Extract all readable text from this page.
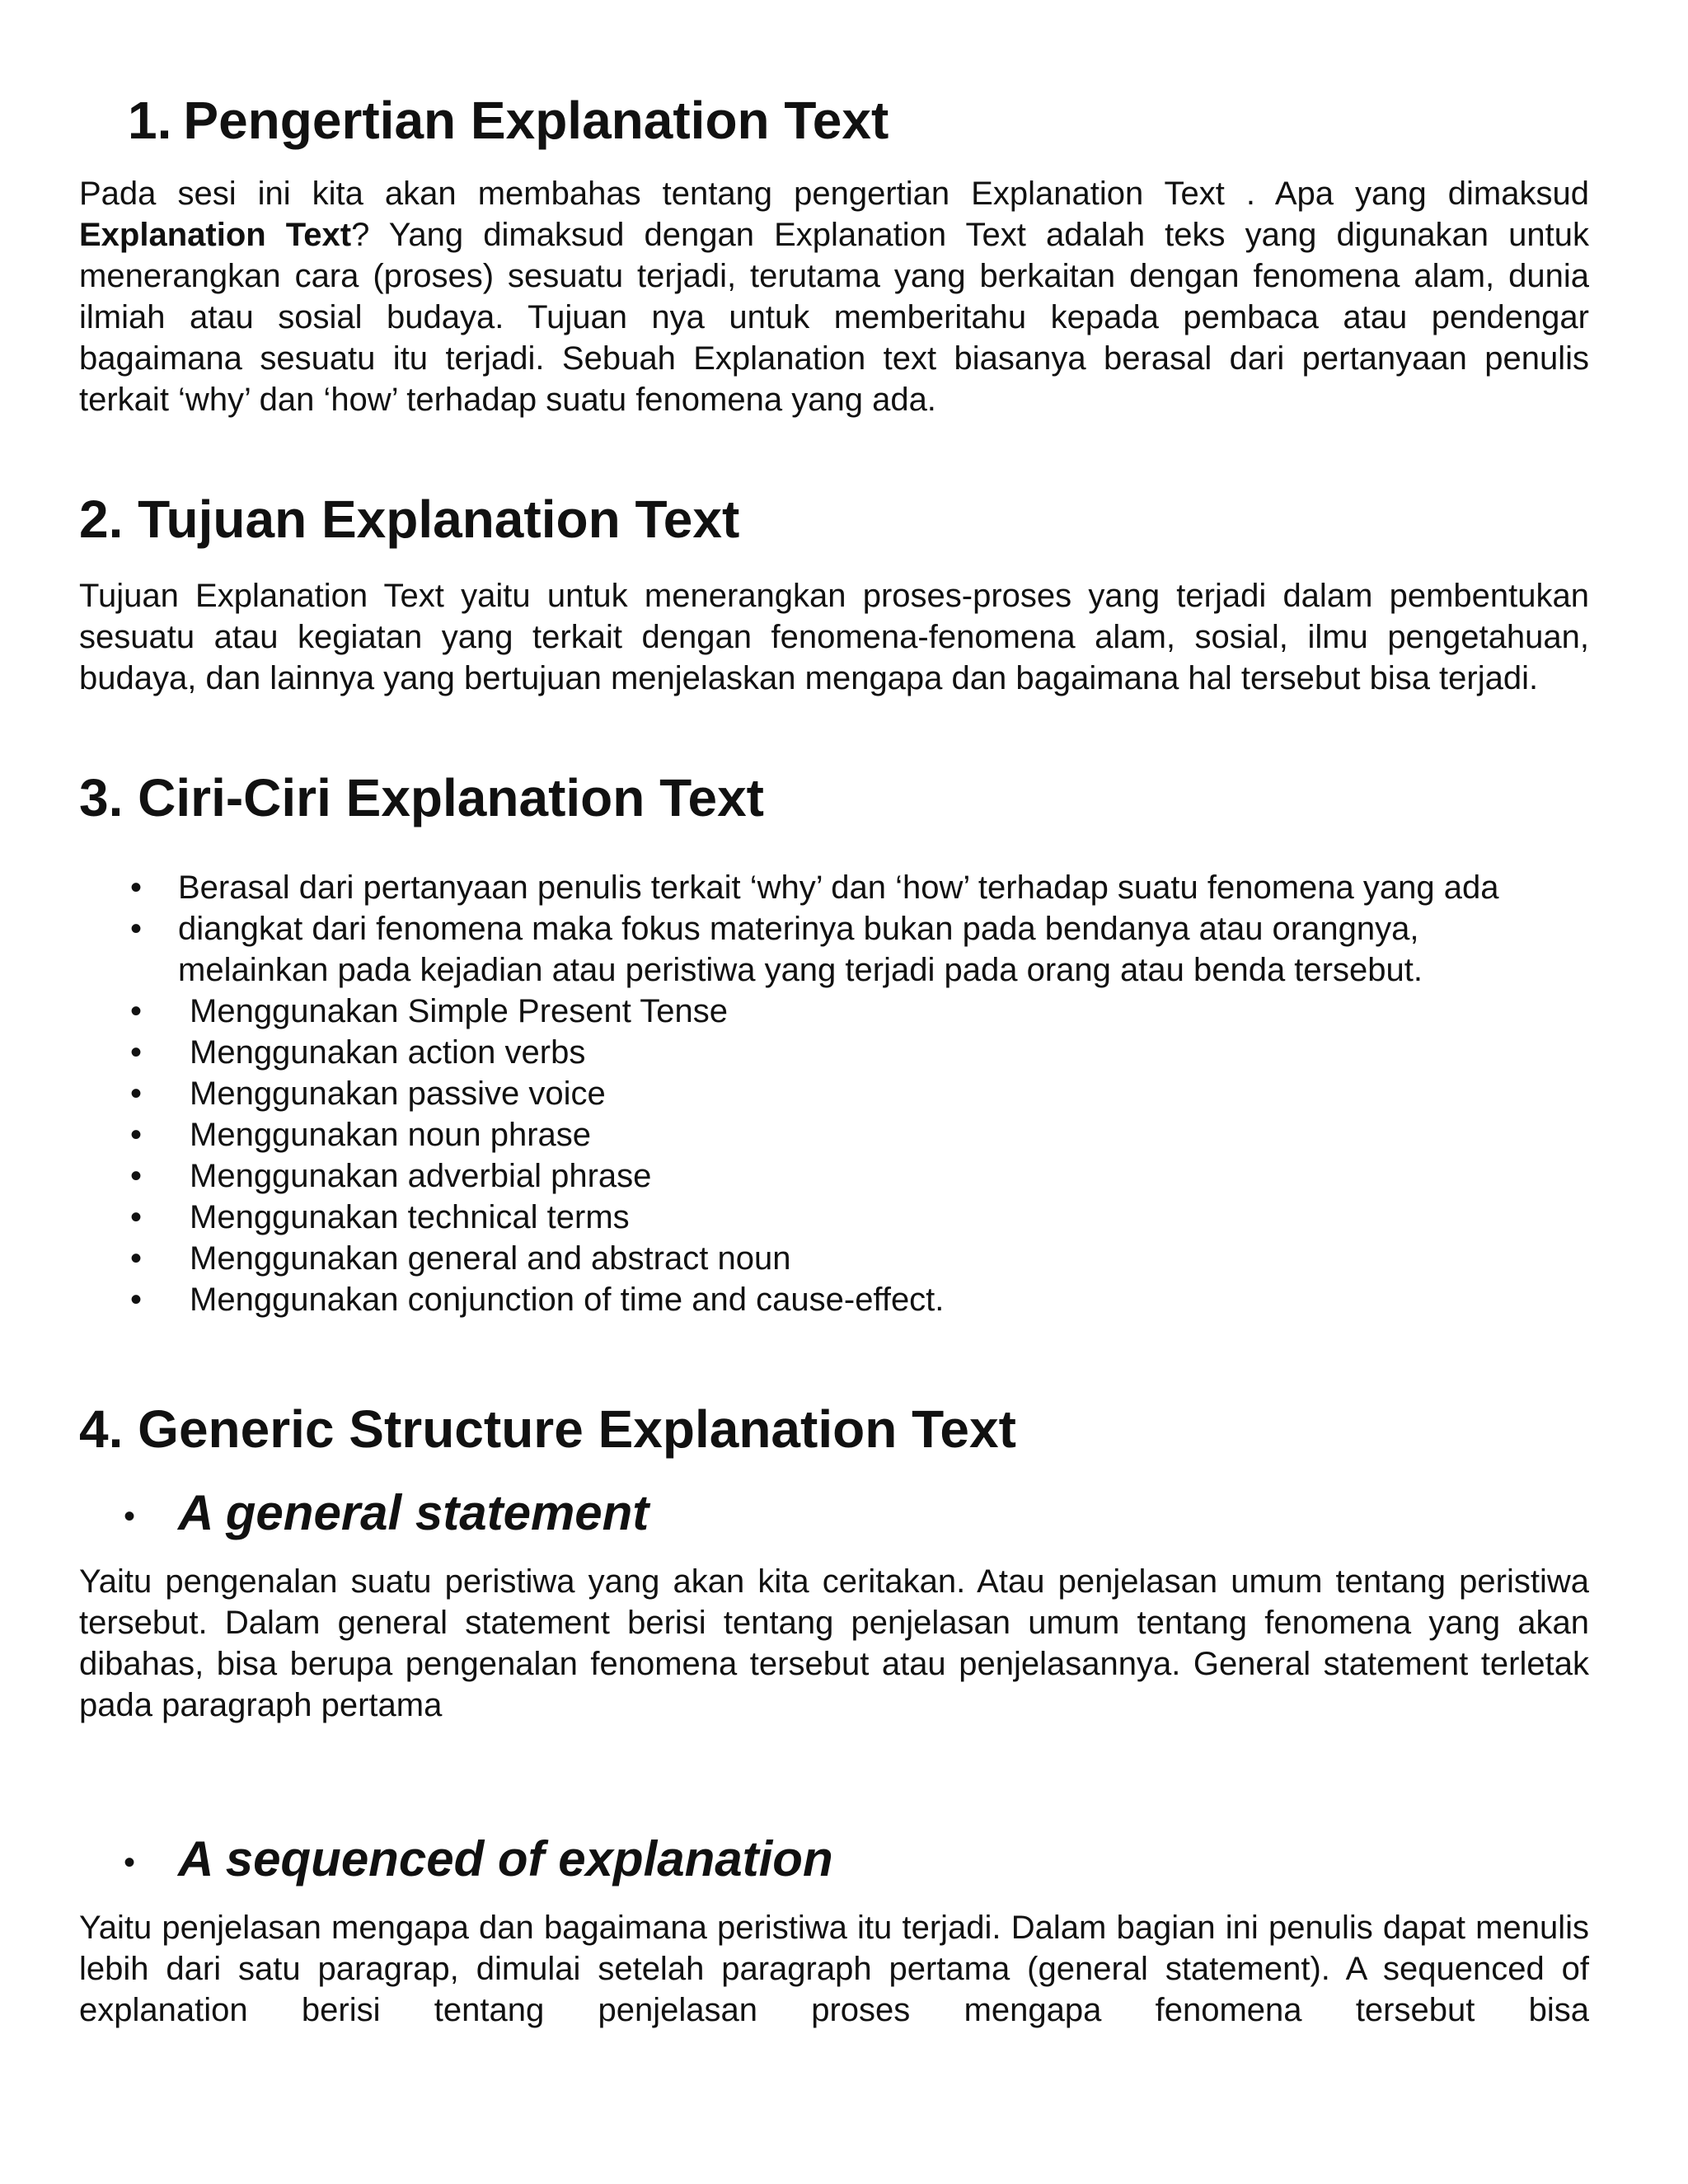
1. Pengertian Explanation Text

Pada sesi ini kita akan membahas tentang pengertian Explanation Text . Apa yang dimaksud Explanation Text? Yang dimaksud dengan Explanation Text adalah teks yang digunakan untuk menerangkan cara (proses) sesuatu terjadi, terutama yang berkaitan dengan fenomena alam, dunia ilmiah atau sosial budaya. Tujuan nya untuk memberitahu kepada pembaca atau pendengar bagaimana sesuatu itu terjadi. Sebuah Explanation text biasanya berasal dari pertanyaan penulis terkait ‘why’ dan ‘how’ terhadap suatu fenomena yang ada.

2. Tujuan Explanation Text

Tujuan Explanation Text yaitu untuk menerangkan proses-proses yang terjadi dalam pembentukan sesuatu atau kegiatan yang terkait dengan fenomena-fenomena alam, sosial, ilmu pengetahuan, budaya, dan lainnya yang bertujuan menjelaskan mengapa dan bagaimana hal tersebut bisa terjadi.

3. Ciri-Ciri Explanation Text
• Berasal dari pertanyaan penulis terkait ‘why’ dan ‘how’ terhadap suatu fenomena yang ada
• diangkat dari fenomena maka fokus materinya bukan pada bendanya atau orangnya, melainkan pada kejadian atau peristiwa yang terjadi pada orang atau benda tersebut.
• Menggunakan Simple Present Tense
• Menggunakan action verbs
• Menggunakan passive voice
• Menggunakan noun phrase
• Menggunakan adverbial phrase
• Menggunakan technical terms
• Menggunakan general and abstract noun
• Menggunakan conjunction of time and cause-effect.
4. Generic Structure Explanation Text
• A general statement

Yaitu pengenalan suatu peristiwa yang akan kita ceritakan. Atau penjelasan umum tentang peristiwa tersebut. Dalam general statement berisi tentang penjelasan umum tentang fenomena yang akan dibahas, bisa berupa pengenalan fenomena tersebut atau penjelasannya. General statement terletak pada paragraph pertama

• A sequenced of explanation

Yaitu penjelasan mengapa dan bagaimana peristiwa itu terjadi. Dalam bagian ini penulis dapat menulis lebih dari satu paragrap, dimulai setelah paragraph pertama (general statement). A sequenced of explanation berisi tentang penjelasan proses mengapa fenomena tersebut bisa
